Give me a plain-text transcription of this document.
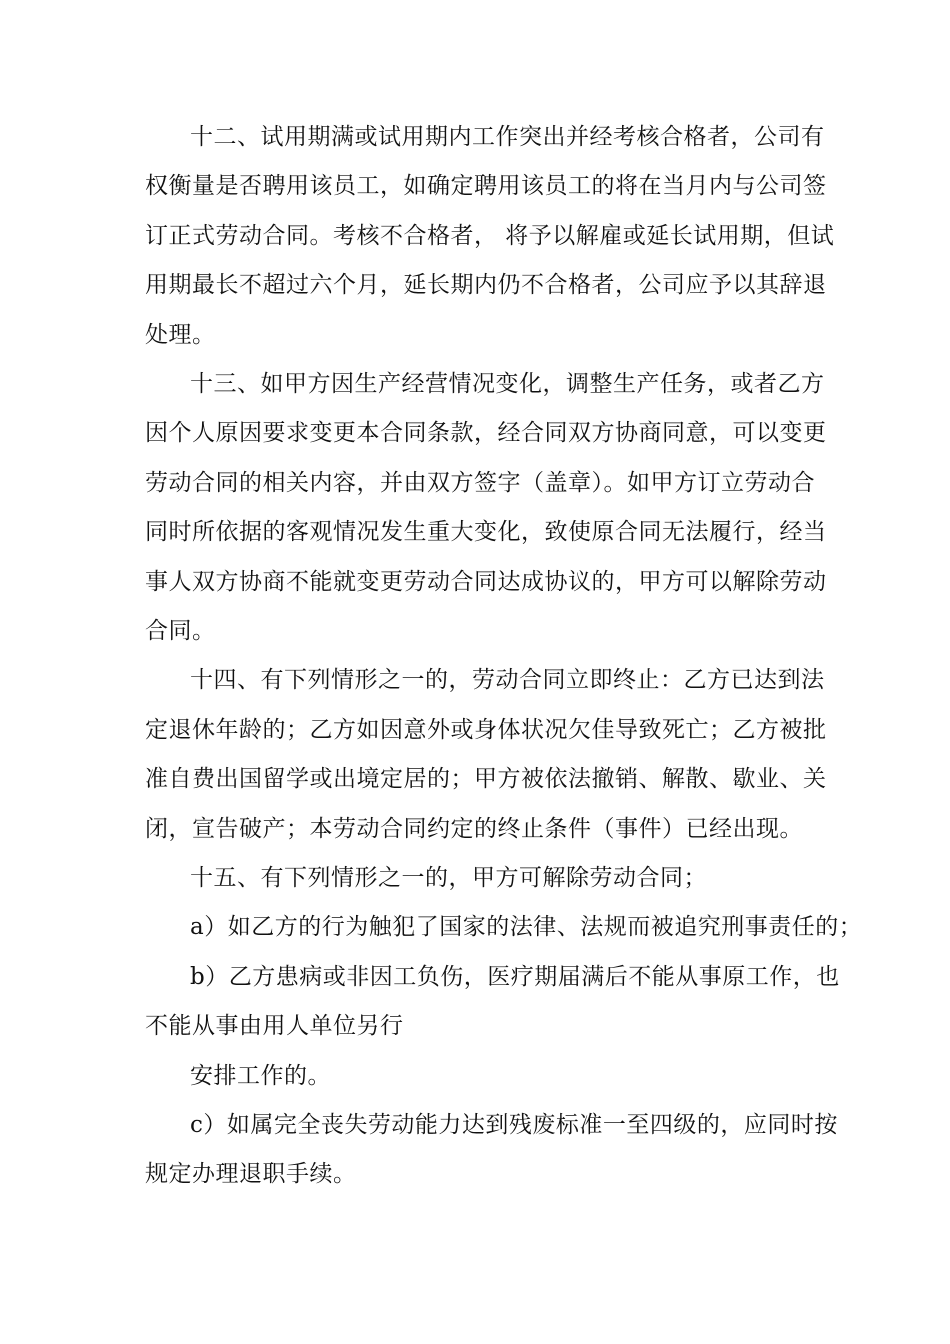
十二、试用期满或试用期内工作突出并经考核合格者，公司有
权衡量是否聘用该员工，如确定聘用该员工的将在当月内与公司签
订正式劳动合同。考核不合格者， 将予以解雇或延长试用期，但试
用期最长不超过六个月，延长期内仍不合格者，公司应予以其辞退
处理。
十三、如甲方因生产经营情况变化，调整生产任务，或者乙方
因个人原因要求变更本合同条款，经合同双方协商同意，可以变更
劳动合同的相关内容，并由双方签字（盖章）。如甲方订立劳动合
同时所依据的客观情况发生重大变化，致使原合同无法履行，经当
事人双方协商不能就变更劳动合同达成协议的，甲方可以解除劳动
合同。
十四、有下列情形之一的，劳动合同立即终止：乙方已达到法
定退休年龄的；乙方如因意外或身体状况欠佳导致死亡；乙方被批
准自费出国留学或出境定居的；甲方被依法撤销、解散、歇业、关
闭，宣告破产；本劳动合同约定的终止条件（事件）已经出现。
十五、有下列情形之一的，甲方可解除劳动合同；
a）如乙方的行为触犯了国家的法律、法规而被追究刑事责任的；
b）乙方患病或非因工负伤，医疗期届满后不能从事原工作，也
不能从事由用人单位另行
安排工作的。
c）如属完全丧失劳动能力达到残废标准一至四级的，应同时按
规定办理退职手续。
